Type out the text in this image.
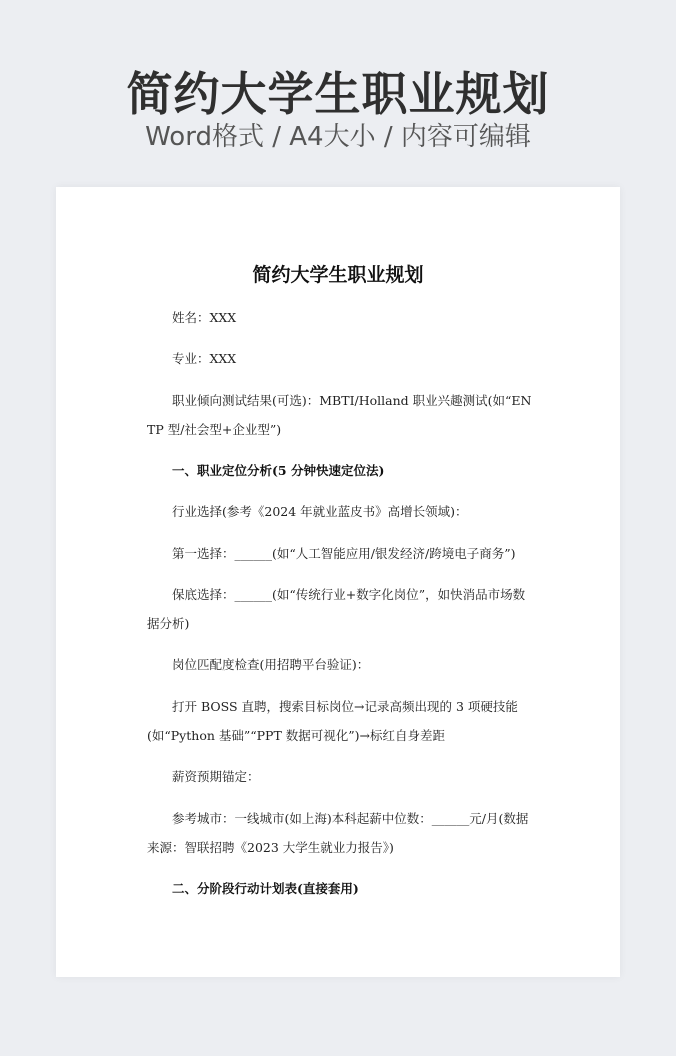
简约大学生职业规划

Word格式 / A4大小 / 内容可编辑

简约大学生职业规划

姓名：XXX

专业：XXX

职业倾向测试结果(可选)：MBTI/Holland 职业兴趣测试(如“ENTP 型/社会型+企业型”)

一、职业定位分析(5 分钟快速定位法)

行业选择(参考《2024 年就业蓝皮书》高增长领域)：

第一选择：______(如“人工智能应用/银发经济/跨境电子商务”)

保底选择：______(如“传统行业+数字化岗位”，如快消品市场数据分析)

岗位匹配度检查(用招聘平台验证)：

打开 BOSS 直聘，搜索目标岗位→记录高频出现的 3 项硬技能(如“Python 基础”“PPT 数据可视化”)→标红自身差距

薪资预期锚定：

参考城市：一线城市(如上海)本科起薪中位数：______元/月(数据来源：智联招聘《2023 大学生就业力报告》)

二、分阶段行动计划表(直接套用)
